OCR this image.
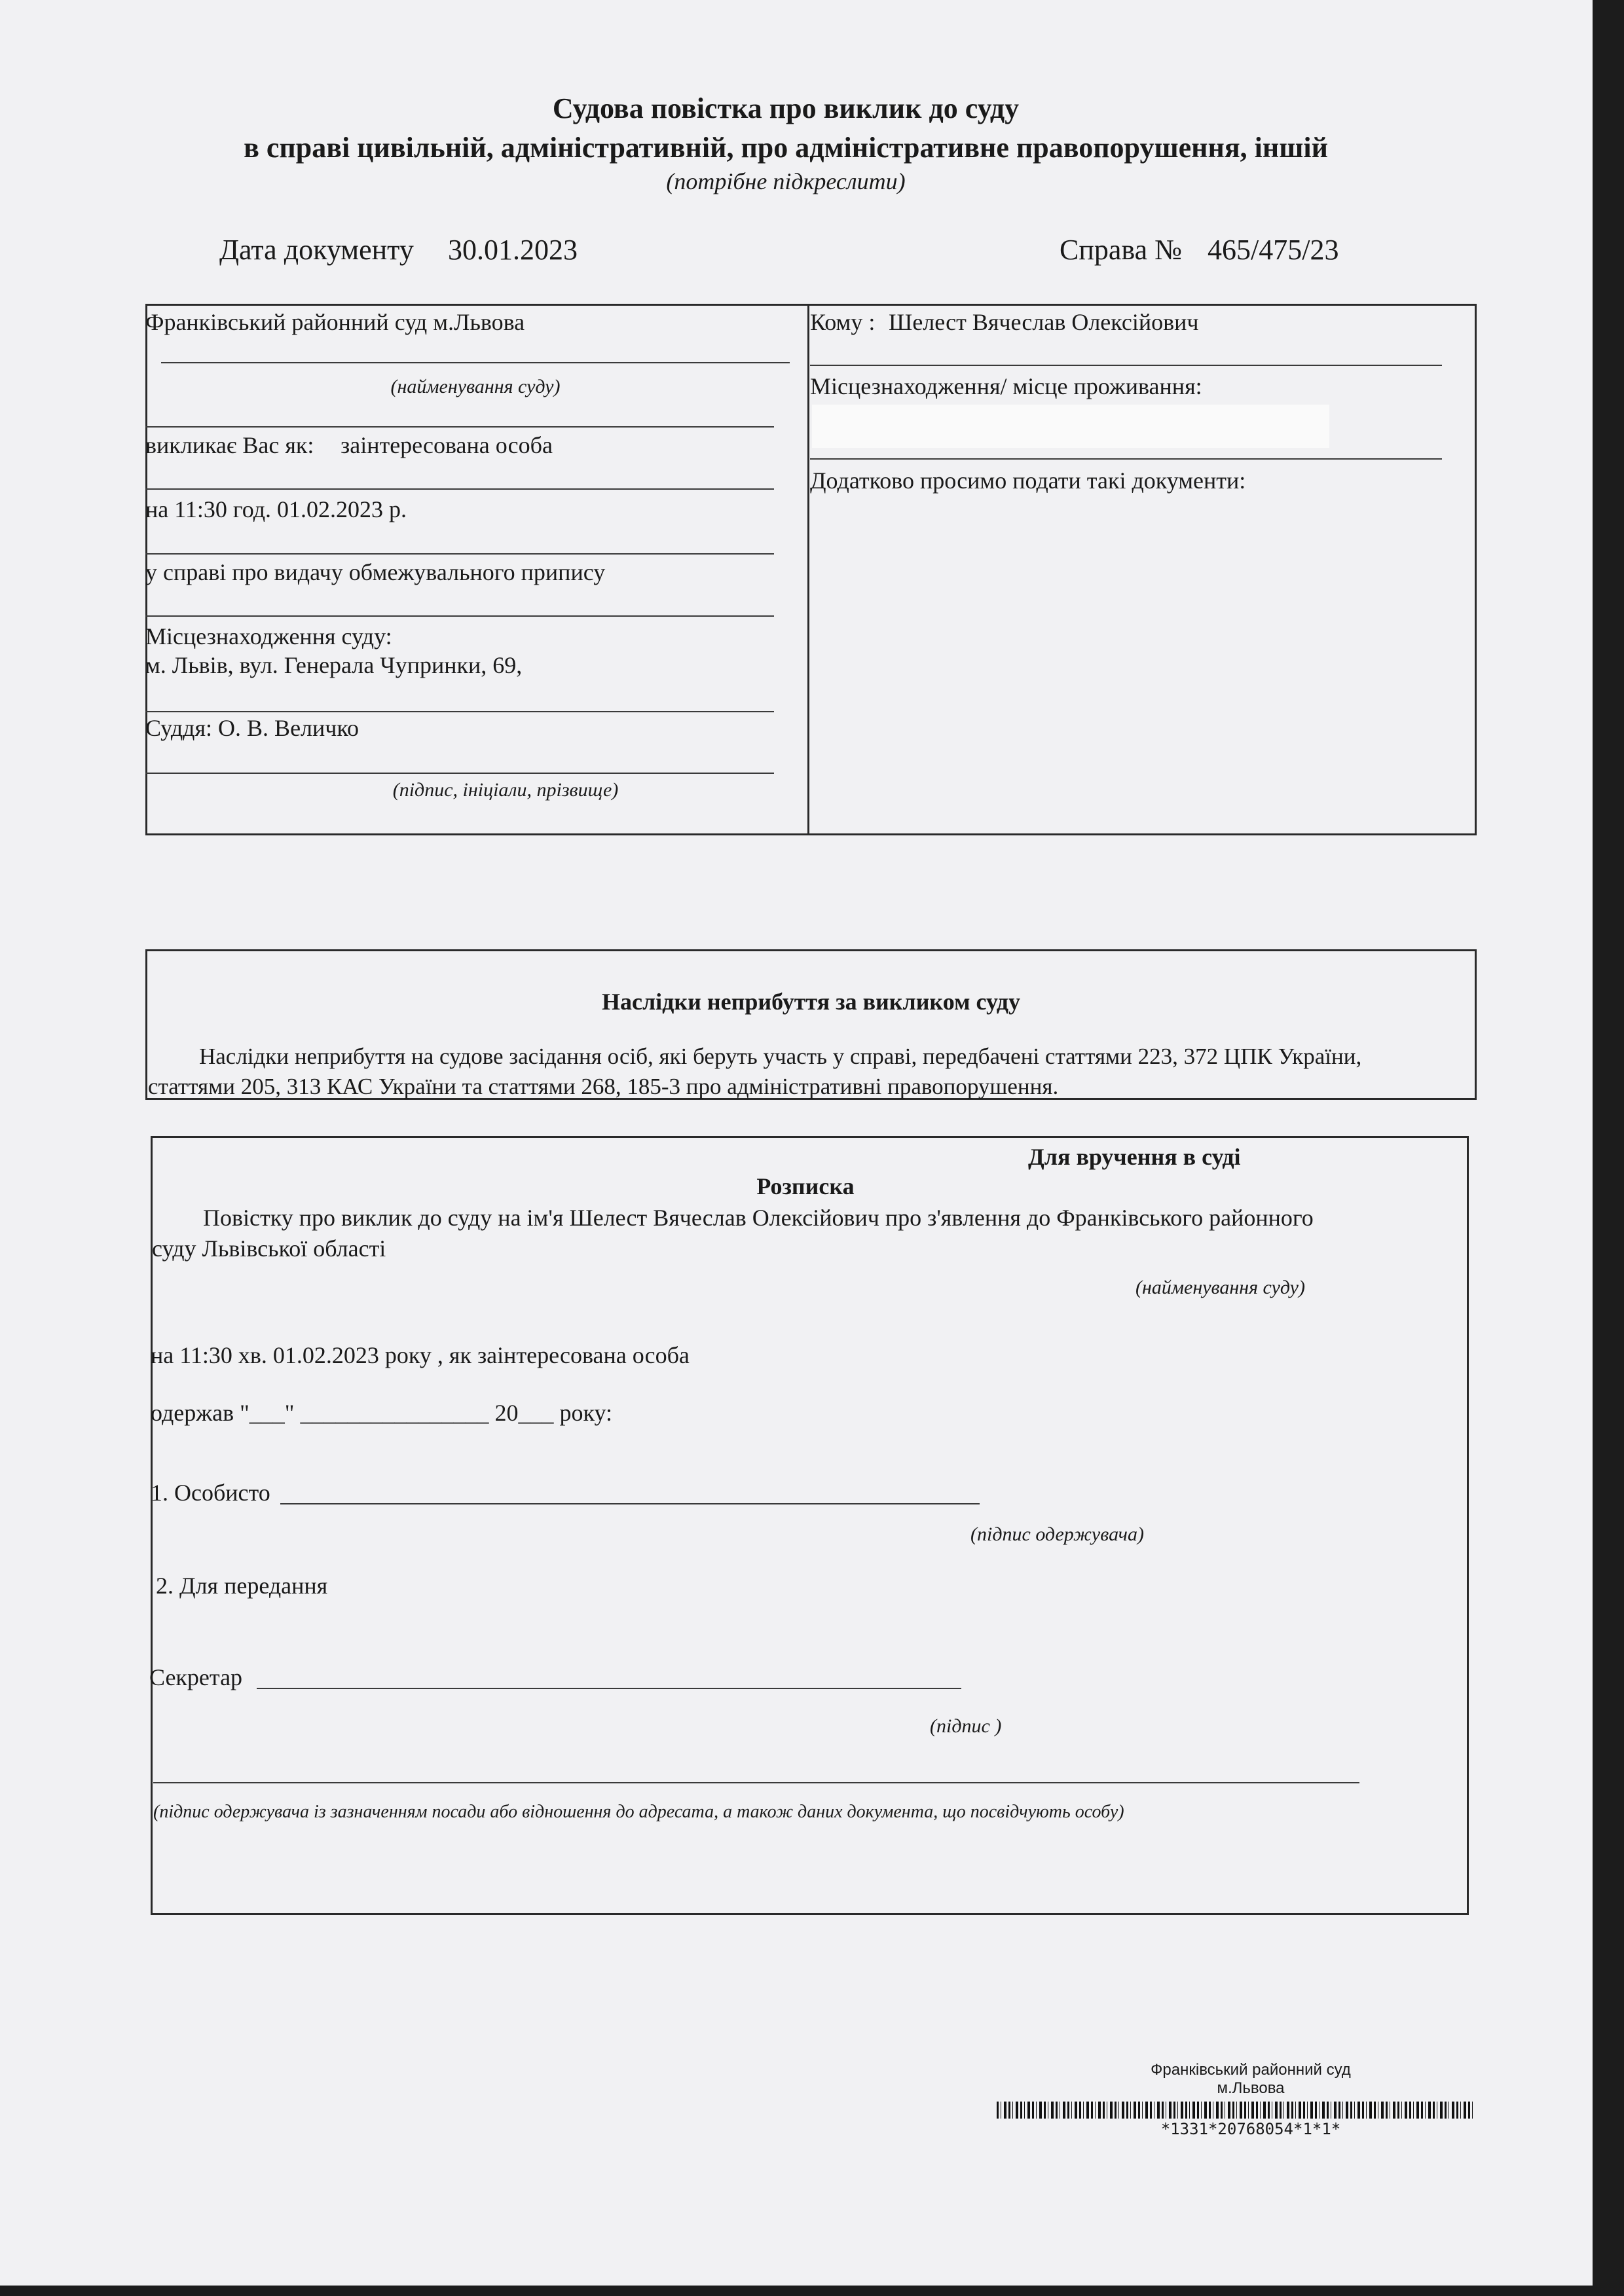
Судова повістка про виклик до суду
в справі цивільній, адміністративній, про адміністративне правопорушення, іншій
(потрібне підкреслити)
Дата документу	30.01.2023	Справа № 465/475/23
Франківський районний суд м.Львова
(найменування суду)
викликає Вас як:	заінтересована особа
на 11:30 год. 01.02.2023 р.
у справі про видачу обмежувального припису
Місцезнаходження суду:
м. Львів, вул. Генерала Чупринки, 69,
Суддя: О. В. Величко
(підпис, ініціали, прізвище)
Кому : Шелест Вячеслав Олексійович
Місцезнаходження/ місце проживання:
Додатково просимо подати такі документи:
Наслідки неприбуття за викликом суду
Наслідки неприбуття на судове засідання осіб, які беруть участь у справі, передбачені статтями 223, 372 ЦПК України,
статтями 205, 313 КАС України та статтями 268, 185-3 про адміністративні правопорушення.
Для вручення в суді
Розписка
Повістку про виклик до суду на ім'я Шелест Вячеслав Олексійович про з'явлення до Франківського районного
суду Львівської області
(найменування суду)
на 11:30 хв. 01.02.2023 року , як заінтересована особа
одержав "___" ________________ 20___ року:
1. Особисто
(підпис одержувача)
2. Для передання
Секретар
(підпис )
(підпис одержувача із зазначенням посади або відношення до адресата, а також даних документа, що посвідчують особу)
Франківський районний суд
м.Львова
*1331*20768054*1*1*
